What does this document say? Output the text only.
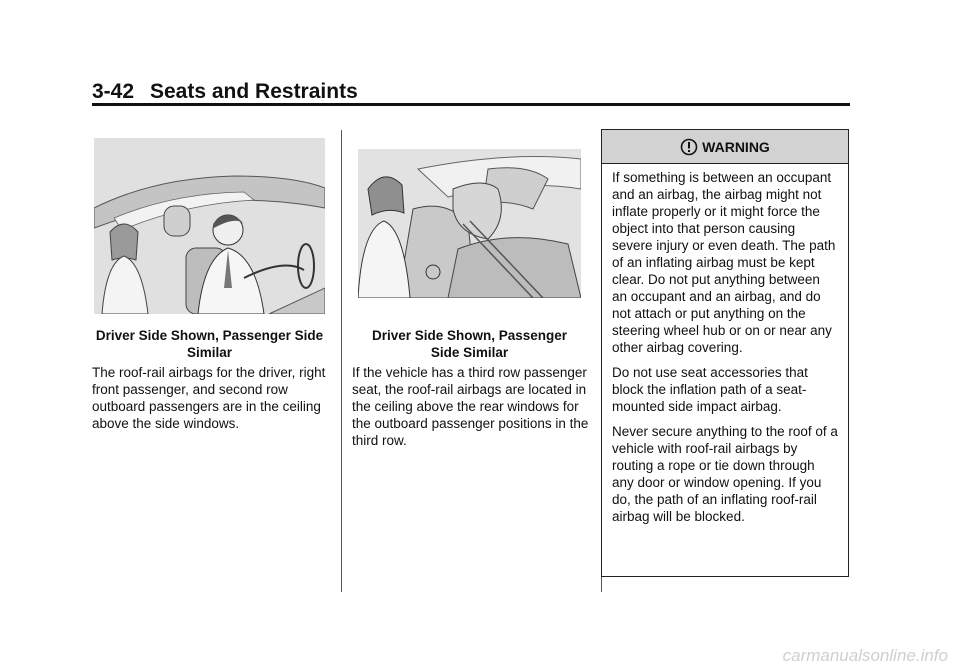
3-42 Seats and Restraints
Driver Side Shown, Passenger Side Similar

The roof-rail airbags for the driver, right front passenger, and second row outboard passengers are in the ceiling above the side windows.

Driver Side Shown, Passenger Side Similar

If the vehicle has a third row passenger seat, the roof-rail airbags are located in the ceiling above the rear windows for the outboard passenger positions in the third row.

WARNING

If something is between an occupant and an airbag, the airbag might not inflate properly or it might force the object into that person causing severe injury or even death. The path of an inflating airbag must be kept clear. Do not put anything between an occupant and an airbag, and do not attach or put anything on the steering wheel hub or on or near any other airbag covering.

Do not use seat accessories that block the inflation path of a seat-mounted side impact airbag.

Never secure anything to the roof of a vehicle with roof-rail airbags by routing a rope or tie down through any door or window opening. If you do, the path of an inflating roof-rail airbag will be blocked.

carmanualsonline.info
